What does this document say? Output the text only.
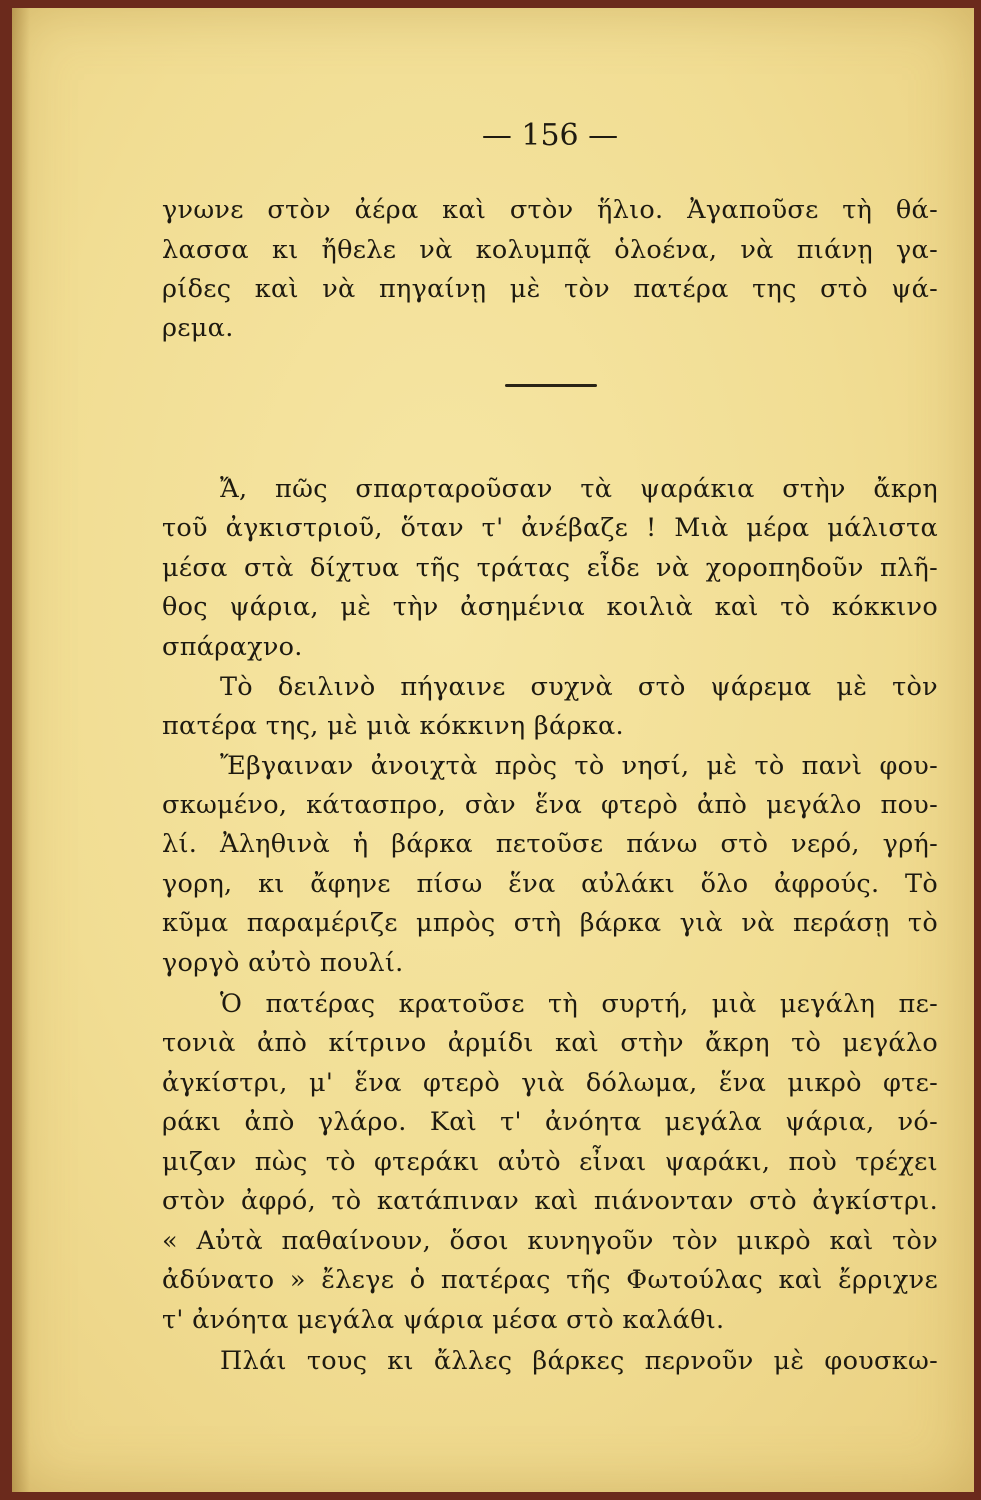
— 156 —
γνωνε στὸν ἀέρα καὶ στὸν ἥλιο. Ἀγαποῦσε τὴ θά-
λασσα κι ἤθελε νὰ κολυμπᾷ ὁλοένα, νὰ πιάνῃ γα-
ρίδες καὶ νὰ πηγαίνῃ μὲ τὸν πατέρα της στὸ ψά-
ρεμα.
Ἄ, πῶς σπαρταροῦσαν τὰ ψαράκια στὴν ἄκρη
τοῦ ἀγκιστριοῦ, ὅταν τ' ἀνέβαζε ! Μιὰ μέρα μάλιστα
μέσα στὰ δίχτυα τῆς τράτας εἶδε νὰ χοροπηδοῦν πλῆ-
θος ψάρια, μὲ τὴν ἀσημένια κοιλιὰ καὶ τὸ κόκκινο
σπάραχνο.
Τὸ δειλινὸ πήγαινε συχνὰ στὸ ψάρεμα μὲ τὸν
πατέρα της, μὲ μιὰ κόκκινη βάρκα.
Ἔβγαιναν ἀνοιχτὰ πρὸς τὸ νησί, μὲ τὸ πανὶ φου-
σκωμένο, κάτασπρο, σὰν ἕνα φτερὸ ἀπὸ μεγάλο που-
λί. Ἀληθινὰ ἡ βάρκα πετοῦσε πάνω στὸ νερό, γρή-
γορη, κι ἄφηνε πίσω ἕνα αὐλάκι ὅλο ἀφρούς. Τὸ
κῦμα παραμέριζε μπρὸς στὴ βάρκα γιὰ νὰ περάσῃ τὸ
γοργὸ αὐτὸ πουλί.
Ὁ πατέρας κρατοῦσε τὴ συρτή, μιὰ μεγάλη πε-
τονιὰ ἀπὸ κίτρινο ἀρμίδι καὶ στὴν ἄκρη τὸ μεγάλο
ἀγκίστρι, μ' ἕνα φτερὸ γιὰ δόλωμα, ἕνα μικρὸ φτε-
ράκι ἀπὸ γλάρο. Καὶ τ' ἀνόητα μεγάλα ψάρια, νό-
μιζαν πὼς τὸ φτεράκι αὐτὸ εἶναι ψαράκι, ποὺ τρέχει
στὸν ἀφρό, τὸ κατάπιναν καὶ πιάνονταν στὸ ἀγκίστρι.
« Αὐτὰ παθαίνουν, ὅσοι κυνηγοῦν τὸν μικρὸ καὶ τὸν
ἀδύνατο » ἔλεγε ὁ πατέρας τῆς Φωτούλας καὶ ἔρριχνε
τ' ἀνόητα μεγάλα ψάρια μέσα στὸ καλάθι.
Πλάι τους κι ἄλλες βάρκες περνοῦν μὲ φουσκω-
